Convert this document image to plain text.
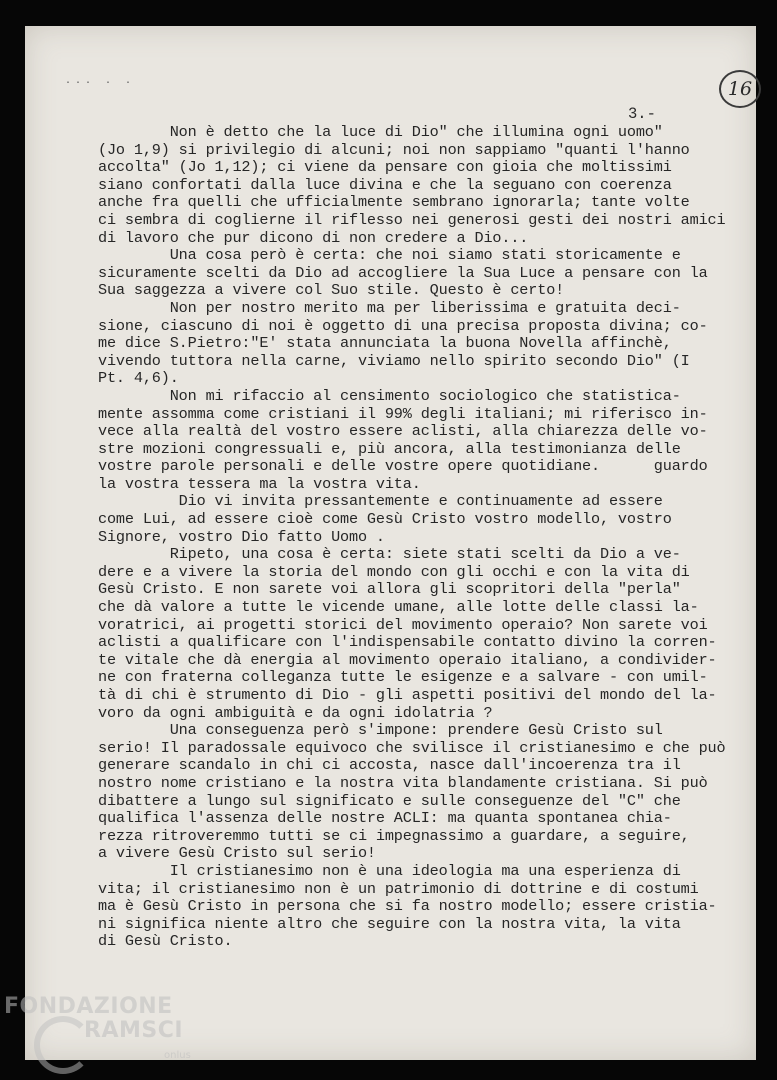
··· · ·	16
3.-
Non è detto che la luce di Dio" che illumina ogni uomo"
(Jo 1,9) si privilegio di alcuni; noi non sappiamo "quanti l'hanno
accolta" (Jo 1,12); ci viene da pensare con gioia che moltissimi
siano confortati dalla luce divina e che la seguano con coerenza
anche fra quelli che ufficialmente sembrano ignorarla; tante volte
ci sembra di coglierne il riflesso nei generosi gesti dei nostri amici
di lavoro che pur dicono di non credere a Dio...
Una cosa però è certa: che noi siamo stati storicamente e
sicuramente scelti da Dio ad accogliere la Sua Luce a pensare con la
Sua saggezza a vivere col Suo stile. Questo è certo!
Non per nostro merito ma per liberissima e gratuita deci-
sione, ciascuno di noi è oggetto di una precisa proposta divina; co-
me dice S.Pietro:"E' stata annunciata la buona Novella affinchè,
vivendo tuttora nella carne, viviamo nello spirito secondo Dio" (I
Pt. 4,6).
Non mi rifaccio al censimento sociologico che statistica-
mente assomma come cristiani il 99% degli italiani; mi riferisco in-
vece alla realtà del vostro essere aclisti, alla chiarezza delle vo-
stre mozioni congressuali e, più ancora, alla testimonianza delle
vostre parole personali e delle vostre opere quotidiane.      guardo
la vostra tessera ma la vostra vita.
Dio vi invita pressantemente e continuamente ad essere
come Lui, ad essere cioè come Gesù Cristo vostro modello, vostro
Signore, vostro Dio fatto Uomo .
Ripeto, una cosa è certa: siete stati scelti da Dio a ve-
dere e a vivere la storia del mondo con gli occhi e con la vita di
Gesù Cristo. E non sarete voi allora gli scopritori della "perla"
che dà valore a tutte le vicende umane, alle lotte delle classi la-
voratrici, ai progetti storici del movimento operaio? Non sarete voi
aclisti a qualificare con l'indispensabile contatto divino la corren-
te vitale che dà energia al movimento operaio italiano, a condivider-
ne con fraterna colleganza tutte le esigenze e a salvare - con umil-
tà di chi è strumento di Dio - gli aspetti positivi del mondo del la-
voro da ogni ambiguità e da ogni idolatria ?
Una conseguenza però s'impone: prendere Gesù Cristo sul
serio! Il paradossale equivoco che svilisce il cristianesimo e che può
generare scandalo in chi ci accosta, nasce dall'incoerenza tra il
nostro nome cristiano e la nostra vita blandamente cristiana. Si può
dibattere a lungo sul significato e sulle conseguenze del "C" che
qualifica l'assenza delle nostre ACLI: ma quanta spontanea chia-
rezza ritroveremmo tutti se ci impegnassimo a guardare, a seguire,
a vivere Gesù Cristo sul serio!
Il cristianesimo non è una ideologia ma una esperienza di
vita; il cristianesimo non è un patrimonio di dottrine e di costumi
ma è Gesù Cristo in persona che si fa nostro modello; essere cristia-
ni significa niente altro che seguire con la nostra vita, la vita
di Gesù Cristo.
FONDAZIONE
RAMSCI
onlus
